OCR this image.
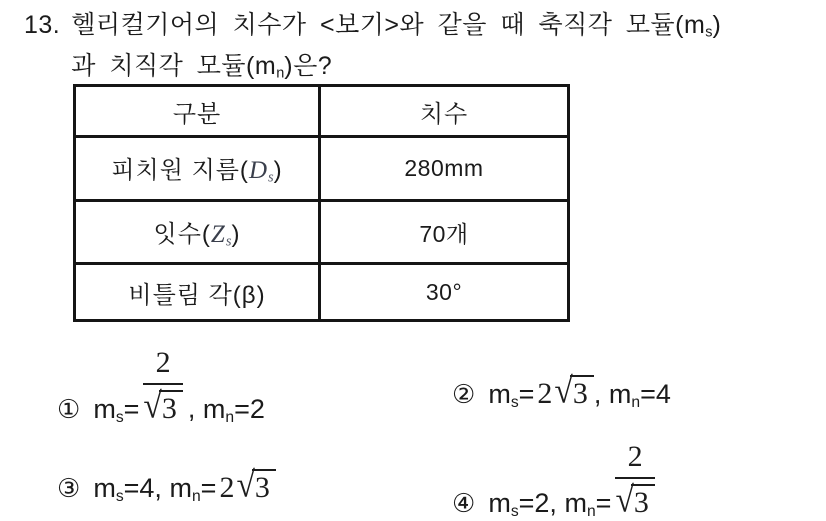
13. 헬리컬기어의 치수가 <보기>와 같을 때 축직각 모듈$(m_s)$
과 치직각 모듈$(m_n)$은?
구분	치수
피치원 지름$(D_s)$	280mm
잇수$(Z_s)$	70개
비틀림 각(β)	30°
① $m_s= \frac{2}{√3}$ , $m_n=2$	② $m_s= 2√3$ , $m_n=4$
③ $m_s=4$, $m_n= 2√3$	④ $m_s=2$, $m_n= \frac{2}{√3}$
